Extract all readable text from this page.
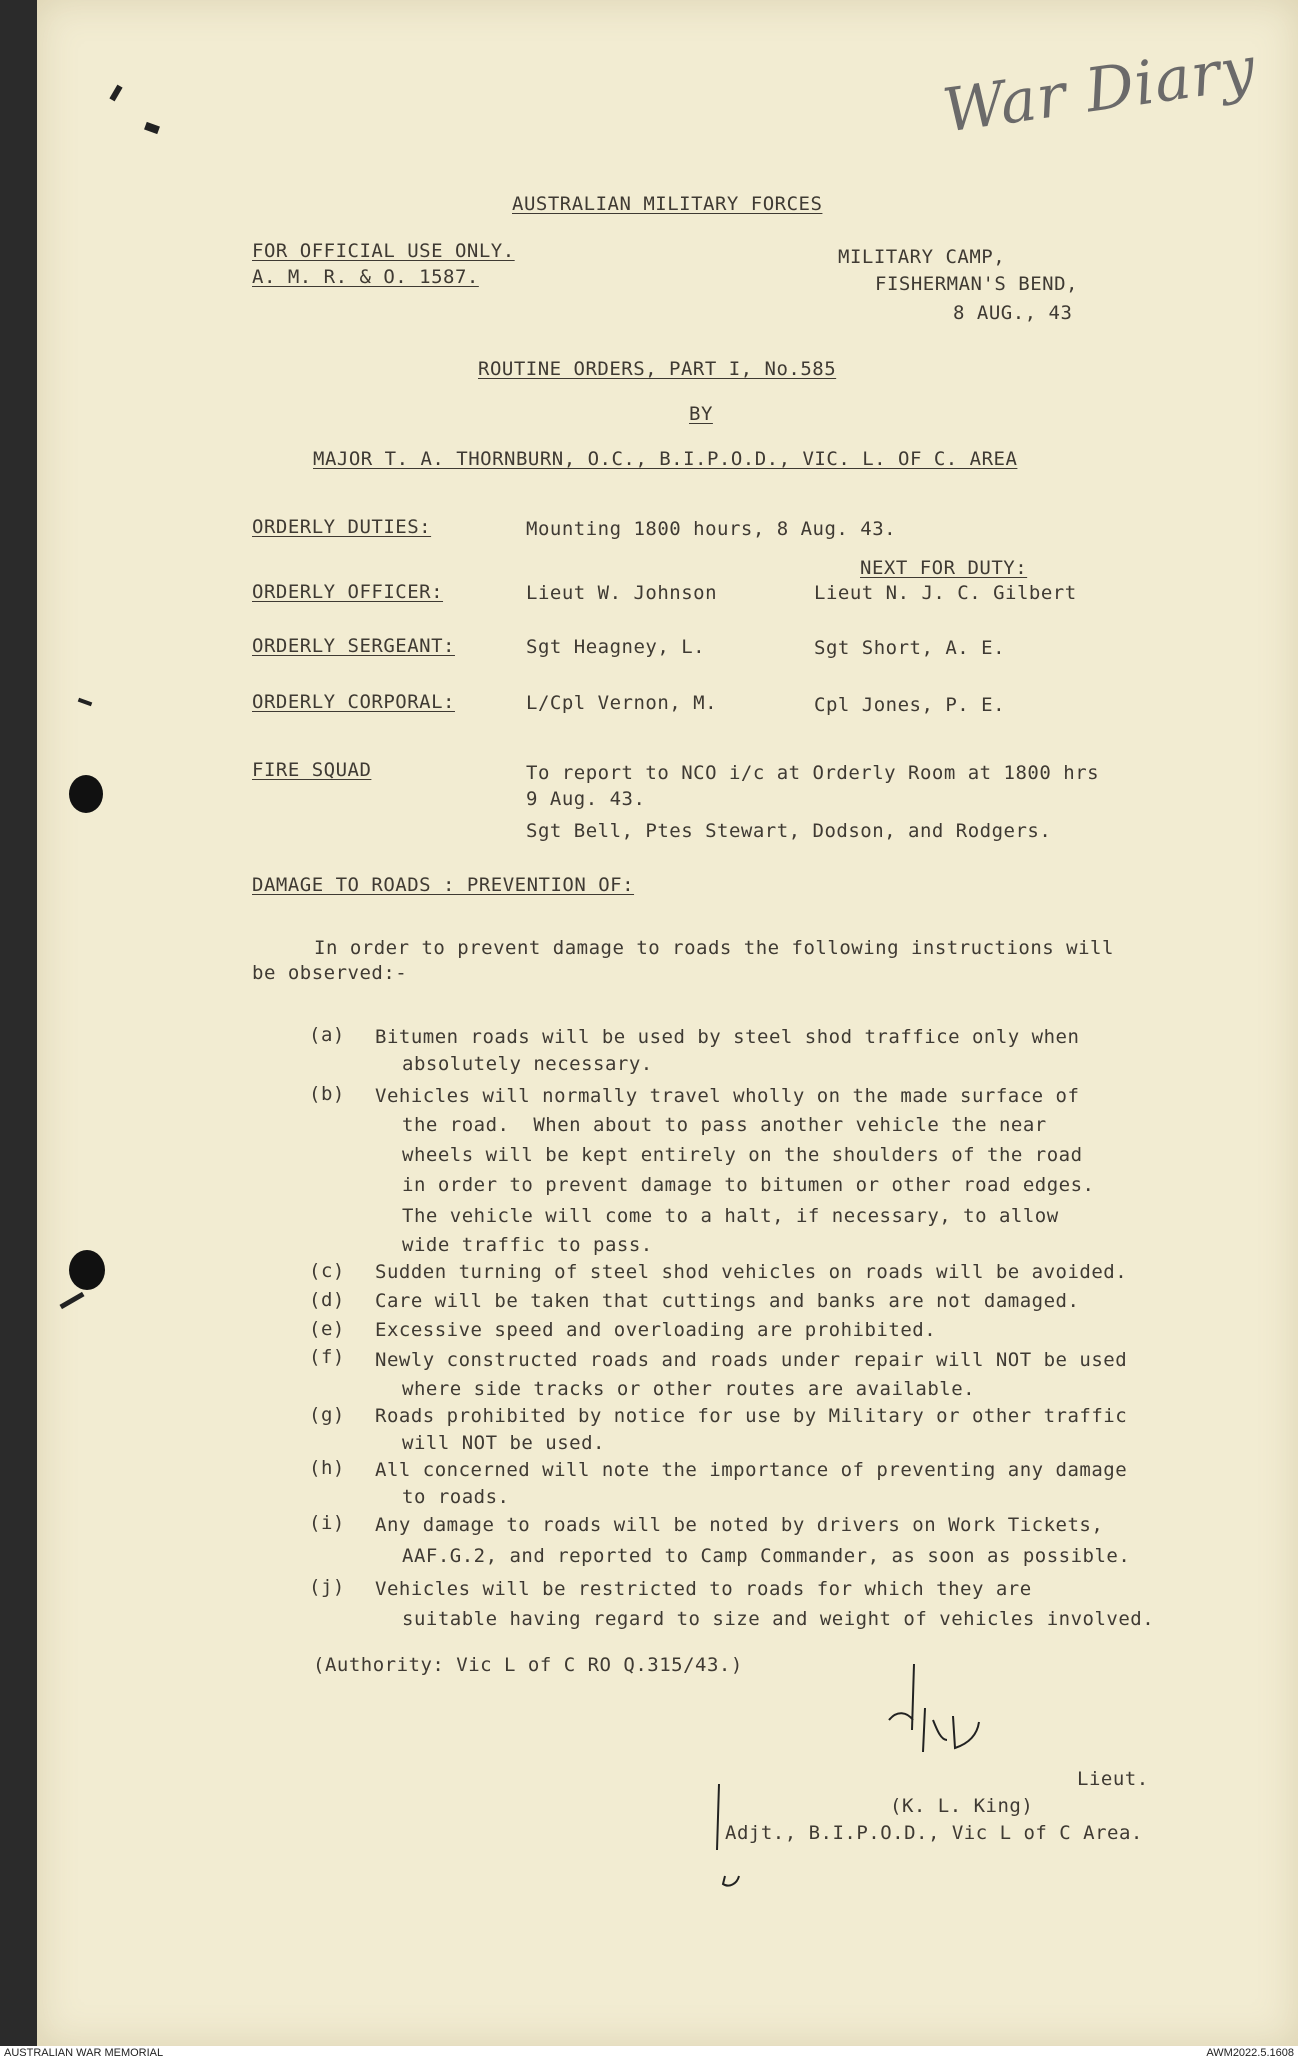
War Diary
AUSTRALIAN MILITARY FORCES
FOR OFFICIAL USE ONLY.
A. M. R. & O. 1587.
MILITARY CAMP,
FISHERMAN'S BEND,
8 AUG., 43
ROUTINE ORDERS, PART I, No.585
BY
MAJOR T. A. THORNBURN, O.C., B.I.P.O.D., VIC. L. OF C. AREA
ORDERLY DUTIES:	Mounting 1800 hours, 8 Aug. 43.
NEXT FOR DUTY:
ORDERLY OFFICER:	Lieut W. Johnson	Lieut N. J. C. Gilbert
ORDERLY SERGEANT:	Sgt Heagney, L.	Sgt Short, A. E.
ORDERLY CORPORAL:	L/Cpl Vernon, M.	Cpl Jones, P. E.
FIRE SQUAD	To report to NCO i/c at Orderly Room at 1800 hrs
9 Aug. 43.
Sgt Bell, Ptes Stewart, Dodson, and Rodgers.
DAMAGE TO ROADS : PREVENTION OF:
In order to prevent damage to roads the following instructions will
be observed:-
(a) Bitumen roads will be used by steel shod traffice only when
absolutely necessary.
(b) Vehicles will normally travel wholly on the made surface of
the road.  When about to pass another vehicle the near
wheels will be kept entirely on the shoulders of the road
in order to prevent damage to bitumen or other road edges.
The vehicle will come to a halt, if necessary, to allow
wide traffic to pass.
(c) Sudden turning of steel shod vehicles on roads will be avoided.
(d) Care will be taken that cuttings and banks are not damaged.
(e) Excessive speed and overloading are prohibited.
(f) Newly constructed roads and roads under repair will NOT be used
where side tracks or other routes are available.
(g) Roads prohibited by notice for use by Military or other traffic
will NOT be used.
(h) All concerned will note the importance of preventing any damage
to roads.
(i) Any damage to roads will be noted by drivers on Work Tickets,
AAF.G.2, and reported to Camp Commander, as soon as possible.
(j) Vehicles will be restricted to roads for which they are
suitable having regard to size and weight of vehicles involved.
(Authority: Vic L of C RO Q.315/43.)
Lieut.
(K. L. King)
Adjt., B.I.P.O.D., Vic L of C Area.
AUSTRALIAN WAR MEMORIAL	AWM2022.5.1608
